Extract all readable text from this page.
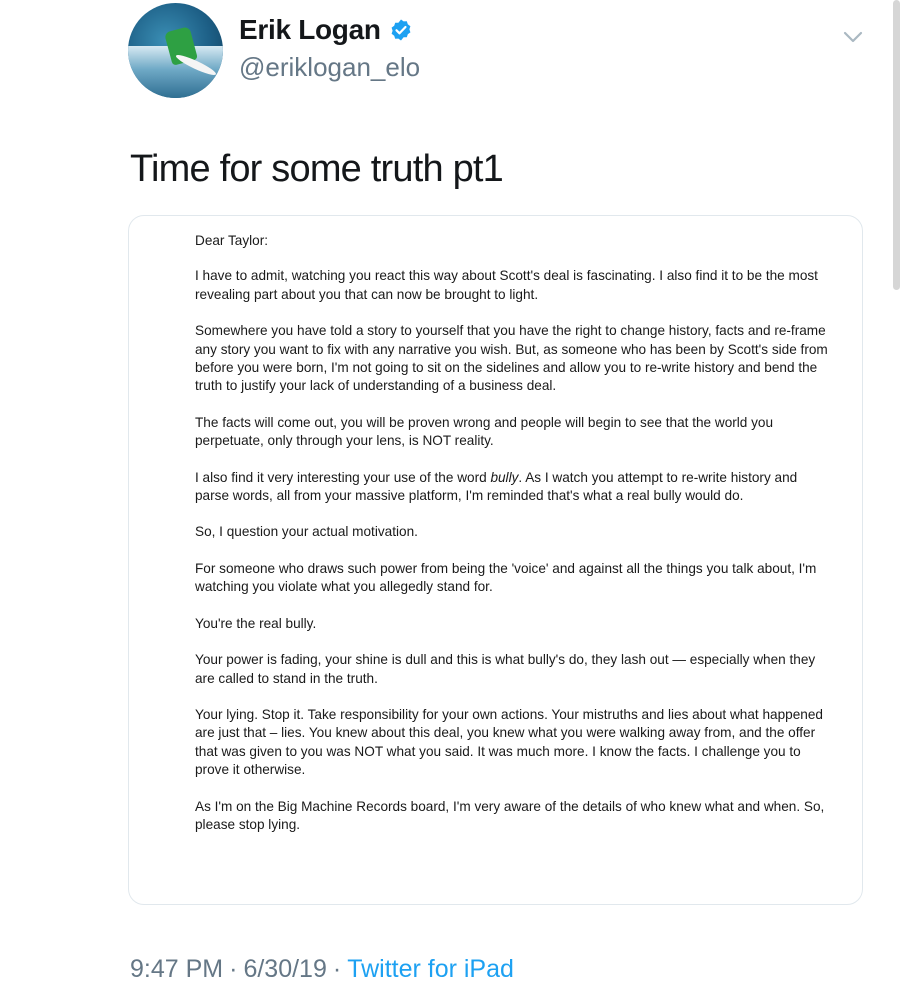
Erik Logan
@eriklogan_elo
Time for some truth pt1

Dear Taylor:

I have to admit, watching you react this way about Scott's deal is fascinating. I also find it to be the most revealing part about you that can now be brought to light.

Somewhere you have told a story to yourself that you have the right to change history, facts and re-frame any story you want to fix with any narrative you wish. But, as someone who has been by Scott's side from before you were born, I'm not going to sit on the sidelines and allow you to re-write history and bend the truth to justify your lack of understanding of a business deal.

The facts will come out, you will be proven wrong and people will begin to see that the world you perpetuate, only through your lens, is NOT reality.

I also find it very interesting your use of the word bully. As I watch you attempt to re-write history and parse words, all from your massive platform, I'm reminded that's what a real bully would do.

So, I question your actual motivation.

For someone who draws such power from being the 'voice' and against all the things you talk about, I'm watching you violate what you allegedly stand for.

You're the real bully.

Your power is fading, your shine is dull and this is what bully's do, they lash out — especially when they are called to stand in the truth.

Your lying. Stop it. Take responsibility for your own actions. Your mistruths and lies about what happened are just that – lies. You knew about this deal, you knew what you were walking away from, and the offer that was given to you was NOT what you said. It was much more. I know the facts. I challenge you to prove it otherwise.

As I'm on the Big Machine Records board, I'm very aware of the details of who knew what and when. So, please stop lying.

9:47 PM · 6/30/19 · Twitter for iPad
